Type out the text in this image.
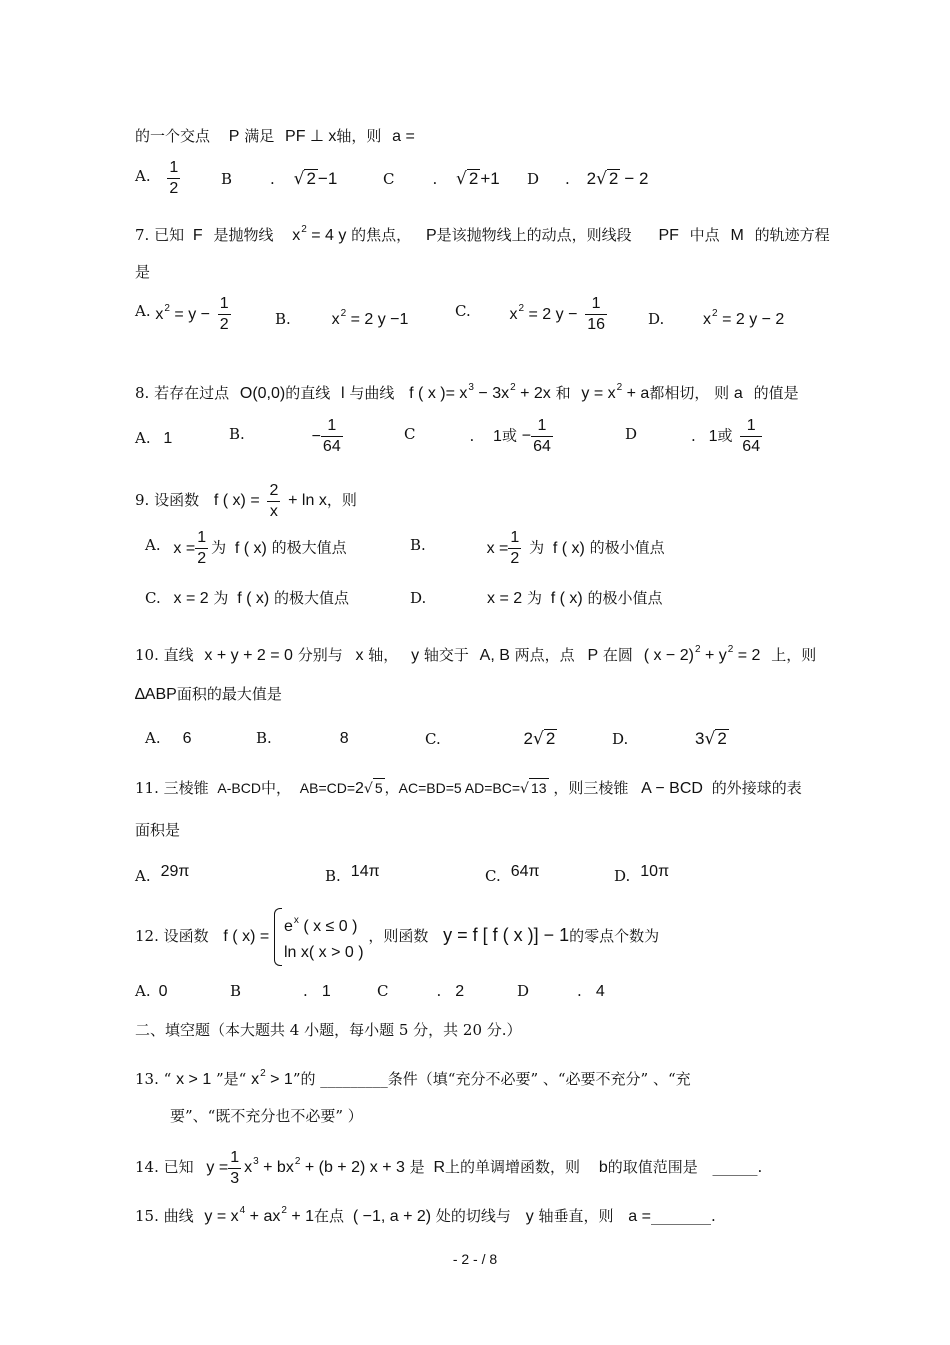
的一个交点 P 满足 PF ⊥ x轴，则 a =
A. $\frac{1}{2}$	B	. √ 2 −1	C	. √ 2 +1 D . 2√ 2 − 2
7. 已知 F 是抛物线 $x^2 = 4$ y 的焦点， P是该抛物线上的动点，则线段 PF 中点 M 的轨迹方程
是
A. $x^2 = y - \frac{1}{2}$	B.	$x^2 = 2$ y −1	C. $x^2 = 2$ $y - \frac{1}{16}$	D. $x^2 = 2$ y − 2
8. 若存在过点 O(0,0)的直线 l 与曲线 f ( x )= $x^3 - 3x^2 + 2x$ 和 $y = x^2 + a$都相切， 则 a 的值是
A. 1	B.	− $\frac{1}{64}$	C	. 1或 − $\frac{1}{64}$	D	. 1或 $\frac{1}{64}$
9. 设函数 f ( $x) = \frac{2}{x} + \ln x$，则
A. $x = \frac{1}{2}$ 为 f ( x) 的极大值点	B.	$x = \frac{1}{2}$ 为 f ( x) 的极小值点
C. x = 2 为 f ( x) 的极大值点	D.	x = 2 为 f ( x) 的极小值点
10. 直线 x + y + 2 = 0 分别与 x 轴， y 轴交于 A, B 两点，点 P 在圆 ( $x - 2)^2 + y^2 = 2$ 上，则
∆ABP面积的最大值是
A. 6	B.	8	C.	2√ 2	D.	3√ 2
11. 三棱锥 A-BCD中， AB=CD=2√ 5 ，AC=BD=5 AD=BC=√ 13 ，则三棱锥 A − BCD 的外接球的表
面积是
A. 29π	B. 14π	C. 64π	D. 10π
12. 设函数 f ( x) =
$e^x$ ( x ≤ 0 )
ln x( x > 0 )
，则函数 y = f [ f ( x )] − 1的零点个数为
A. 0	B	. 1	C	. 2	D	. 4
二、填空题（本大题共 4 小题，每小题 5 分，共 20 分.）
13. “ x > 1 ”是“ $x^2 > 1$”的 _________条件（填“充分不必要” 、“必要不充分” 、“充
要”、“既不充分也不必要” ）
14. 已知 $y = \frac{1}{3} x^3 + bx^2 + (b + 2) x + 3$ 是 R上的单调增函数，则 b的取值范围是 ______.
15. 曲线 $y = x^4 + ax^2 + 1$在点 ( −1, a + 2) 处的切线与 y 轴垂直，则 a =________.
- 2 - / 8
